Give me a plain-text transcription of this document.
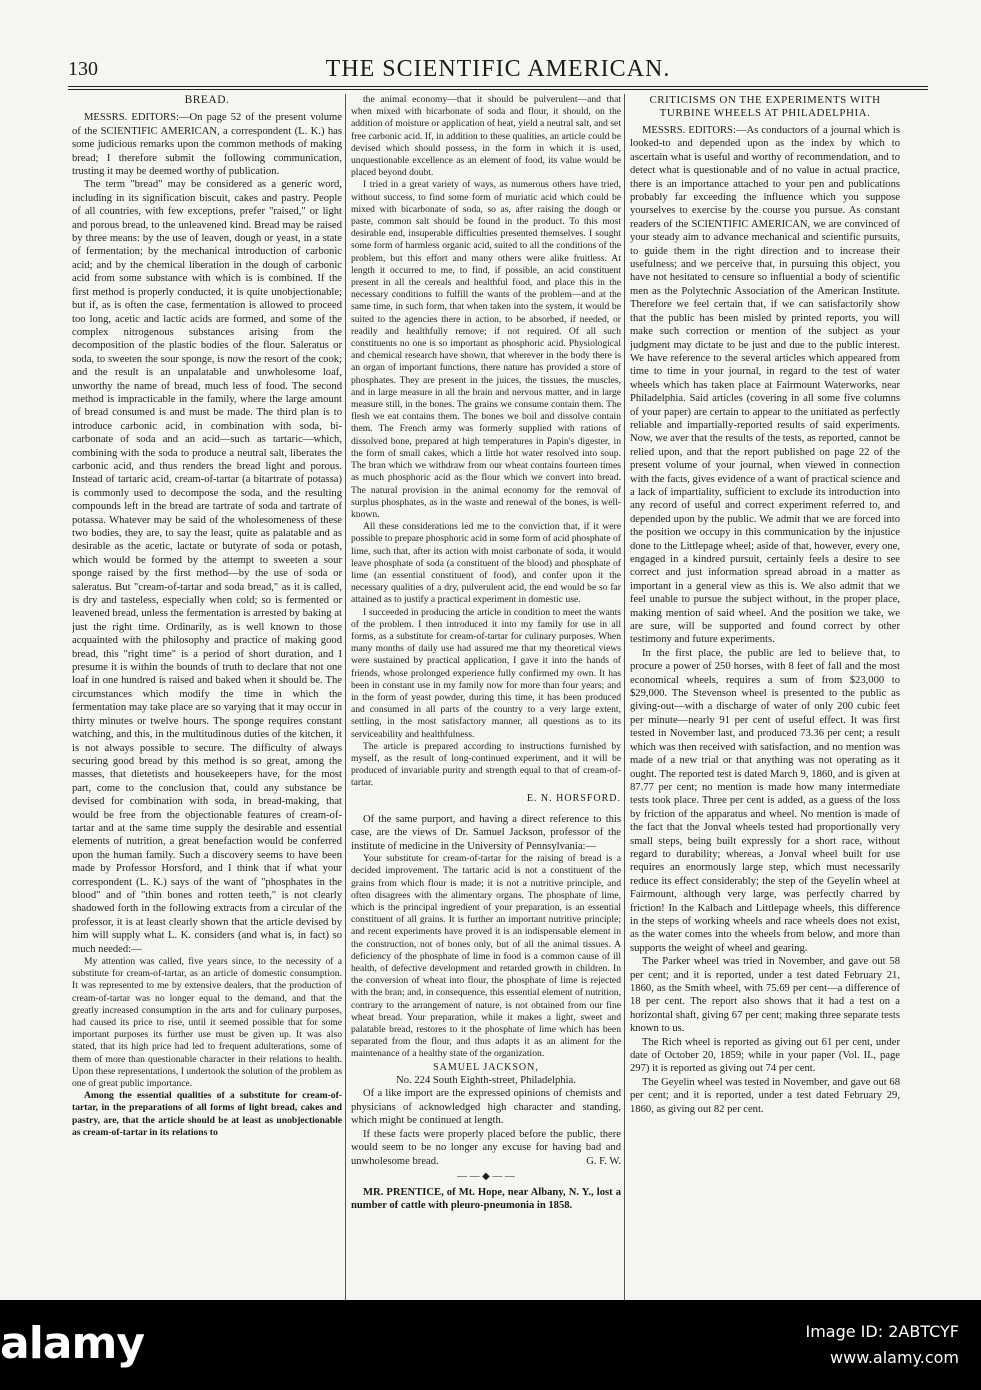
130	THE SCIENTIFIC AMERICAN.
BREAD.

MESSRS. EDITORS:—On page 52 of the present volume of the SCIENTIFIC AMERICAN, a correspondent (L. K.) has some judicious remarks upon the common methods of making bread; I therefore submit the following communication, trusting it may be deemed worthy of publication.

The term "bread" may be considered as a generic word, including in its signification biscuit, cakes and pastry. People of all countries, with few exceptions, prefer "raised," or light and porous bread, to the unleavened kind. Bread may be raised by three means: by the use of leaven, dough or yeast, in a state of fermentation; by the mechanical introduction of carbonic acid; and by the chemical liberation in the dough of carbonic acid from some substance with which is is combined. If the first method is properly conducted, it is quite unobjectionable; but if, as is often the case, fermentation is allowed to proceed too long, acetic and lactic acids are formed, and some of the complex nitrogenous substances arising from the decomposition of the plastic bodies of the flour. Saleratus or soda, to sweeten the sour sponge, is now the resort of the cook; and the result is an unpalatable and unwholesome loaf, unworthy the name of bread, much less of food. The second method is impracticable in the family, where the large amount of bread consumed is and must be made. The third plan is to introduce carbonic acid, in combination with soda, bi-carbonate of soda and an acid—such as tartaric—which, combining with the soda to produce a neutral salt, liberates the carbonic acid, and thus renders the bread light and porous. Instead of tartaric acid, cream-of-tartar (a bitartrate of potassa) is commonly used to decompose the soda, and the resulting compounds left in the bread are tartrate of soda and tartrate of potassa. Whatever may be said of the wholesomeness of these two bodies, they are, to say the least, quite as palatable and as desirable as the acetic, lactate or butyrate of soda or potash, which would be formed by the attempt to sweeten a sour sponge raised by the first method—by the use of soda or saleratus. But "cream-of-tartar and soda bread," as it is called, is dry and tasteless, especially when cold; so is fermented or leavened bread, unless the fermentation is arrested by baking at just the right time. Ordinarily, as is well known to those acquainted with the philosophy and practice of making good bread, this "right time" is a period of short duration, and I presume it is within the bounds of truth to declare that not one loaf in one hundred is raised and baked when it should be. The circumstances which modify the time in which the fermentation may take place are so varying that it may occur in thirty minutes or twelve hours. The sponge requires constant watching, and this, in the multitudinous duties of the kitchen, it is not always possible to secure. The difficulty of always securing good bread by this method is so great, among the masses, that dietetists and housekeepers have, for the most part, come to the conclusion that, could any substance be devised for combination with soda, in bread-making, that would be free from the objectionable features of cream-of-tartar and at the same time supply the desirable and essential elements of nutrition, a great benefaction would be conferred upon the human family. Such a discovery seems to have been made by Professor Horsford, and I think that if what your correspondent (L. K.) says of the want of "phosphates in the blood" and of "thin bones and rotten teeth," is not clearly shadowed forth in the following extracts from a circular of the professor, it is at least clearly shown that the article devised by him will supply what L. K. considers (and what is, in fact) so much needed:—

My attention was called, five years since, to the necessity of a substitute for cream-of-tartar, as an article of domestic consumption. It was represented to me by extensive dealers, that the production of cream-of-tartar was no longer equal to the demand, and that the greatly increased consumption in the arts and for culinary purposes, had caused its price to rise, until it seemed possible that for some important purposes its further use must be given up. It was also stated, that its high price had led to frequent adulterations, some of them of more than questionable character in their relations to health. Upon these representations, I undertook the solution of the problem as one of great public importance.

Among the essential qualities of a substitute for cream-of-tartar, in the preparations of all forms of light bread, cakes and pastry, are, that the article should be at least as unobjectionable as cream-of-tartar in its relations to

the animal economy—that it should be pulverulent—and that when mixed with bicarbonate of soda and flour, it should, on the addition of moisture or application of heat, yield a neutral salt, and set free carbonic acid. If, in addition to these qualities, an article could be devised which should possess, in the form in which it is used, unquestionable excellence as an element of food, its value would be placed beyond doubt.

I tried in a great variety of ways, as numerous others have tried, without success, to find some form of muriatic acid which could be mixed with bicarbonate of soda, so as, after raising the dough or paste, common salt should be found in the product. To this most desirable end, insuperable difficulties presented themselves. I sought some form of harmless organic acid, suited to all the conditions of the problem, but this effort and many others were alike fruitless. At length it occurred to me, to find, if possible, an acid constituent present in all the cereals and healthful food, and place this in the necessary conditions to fulfill the wants of the problem—and at the same time, in such form, that when taken into the system, it would be suited to the agencies there in action, to be absorbed, if needed, or readily and healthfully remove; if not required. Of all such constituents no one is so important as phosphoric acid. Physiological and chemical research have shown, that wherever in the body there is an organ of important functions, there nature has provided a store of phosphates. They are present in the juices, the tissues, the muscles, and in large measure in all the brain and nervous matter, and in large measure still, in the bones. The grains we consume contain them. The flesh we eat contains them. The bones we boil and dissolve contain them. The French army was formerly supplied with rations of dissolved bone, prepared at high temperatures in Papin's digester, in the form of small cakes, which a little hot water resolved into soup. The bran which we withdraw from our wheat contains fourteen times as much phosphoric acid as the flour which we convert into bread. The natural provision in the animal economy for the removal of surplus phosphates, as in the waste and renewal of the bones, is well-known.

All these considerations led me to the conviction that, if it were possible to prepare phosphoric acid in some form of acid phosphate of lime, such that, after its action with moist carbonate of soda, it would leave phosphate of soda (a constituent of the blood) and phosphate of lime (an essential constituent of food), and confer upon it the necessary qualities of a dry, pulverulent acid, the end would be so far attained as to justify a practical experiment in domestic use.

I succeeded in producing the article in condition to meet the wants of the problem. I then introduced it into my family for use in all forms, as a substitute for cream-of-tartar for culinary purposes. When many months of daily use had assured me that my theoretical views were sustained by practical application, I gave it into the hands of friends, whose prolonged experience fully confirmed my own. It has been in constant use in my family now for more than four years; and in the form of yeast powder, during this time, it has been produced and consumed in all parts of the country to a very large extent, settling, in the most satisfactory manner, all questions as to its serviceability and healthfulness.

The article is prepared according to instructions furnished by myself, as the result of long-continued experiment, and it will be produced of invariable purity and strength equal to that of cream-of-tartar.

E. N. HORSFORD.

Of the same purport, and having a direct reference to this case, are the views of Dr. Samuel Jackson, professor of the institute of medicine in the University of Pennsylvania:—

Your substitute for cream-of-tartar for the raising of bread is a decided improvement. The tartaric acid is not a constituent of the grains from which flour is made; it is not a nutritive principle, and often disagrees with the alimentary organs. The phosphate of lime, which is the principal ingredient of your preparation, is an essential constituent of all grains. It is further an important nutritive principle; and recent experiments have proved it is an indispensable element in the construction, not of bones only, but of all the animal tissues. A deficiency of the phosphate of lime in food is a common cause of ill health, of defective development and retarded growth in children. In the conversion of wheat into flour, the phosphate of lime is rejected with the bran; and, in consequence, this essential element of nutrition, contrary to the arrangement of nature, is not obtained from our fine wheat bread. Your preparation, while it makes a light, sweet and palatable bread, restores to it the phosphate of lime which has been separated from the flour, and thus adapts it as an aliment for the maintenance of a healthy state of the organization.

SAMUEL JACKSON,

No. 224 South Eighth-street, Philadelphia.

Of a like import are the expressed opinions of chemists and physicians of acknowledged high character and standing, which might be continued at length.

If these facts were properly placed before the public, there would seem to be no longer any excuse for having bad and unwholesome bread.	G. F. W.

— — ◆ — —

MR. PRENTICE, of Mt. Hope, near Albany, N. Y., lost a number of cattle with pleuro-pneumonia in 1858.

CRITICISMS ON THE EXPERIMENTS WITH TURBINE WHEELS AT PHILADELPHIA.

MESSRS. EDITORS:—As conductors of a journal which is looked-to and depended upon as the index by which to ascertain what is useful and worthy of recommendation, and to detect what is questionable and of no value in actual practice, there is an importance attached to your pen and publications probably far exceeding the influence which you suppose yourselves to exercise by the course you pursue. As constant readers of the SCIENTIFIC AMERICAN, we are convinced of your steady aim to advance mechanical and scientific pursuits, to guide them in the right direction and to increase their usefulness; and we perceive that, in pursuing this object, you have not hesitated to censure so influential a body of scientific men as the Polytechnic Association of the American Institute. Therefore we feel certain that, if we can satisfactorily show that the public has been misled by printed reports, you will make such correction or mention of the subject as your judgment may dictate to be just and due to the public interest. We have reference to the several articles which appeared from time to time in your journal, in regard to the test of water wheels which has taken place at Fairmount Waterworks, near Philadelphia. Said articles (covering in all some five columns of your paper) are certain to appear to the unitiated as perfectly reliable and impartially-reported results of said experiments. Now, we aver that the results of the tests, as reported, cannot be relied upon, and that the report published on page 22 of the present volume of your journal, when viewed in connection with the facts, gives evidence of a want of practical science and a lack of impartiality, sufficient to exclude its introduction into any record of useful and correct experiment referred to, and depended upon by the public. We admit that we are forced into the position we occupy in this communication by the injustice done to the Littlepage wheel; aside of that, however, every one, engaged in a kindred pursuit, certainly feels a desire to see correct and just information spread abroad in a matter as important in a general view as this is. We also admit that we feel unable to pursue the subject without, in the proper place, making mention of said wheel. And the position we take, we are sure, will be supported and found correct by other testimony and future experiments.

In the first place, the public are led to believe that, to procure a power of 250 horses, with 8 feet of fall and the most economical wheels, requires a sum of from $23,000 to $29,000. The Stevenson wheel is presented to the public as giving-out—with a discharge of water of only 200 cubic feet per minute—nearly 91 per cent of useful effect. It was first tested in November last, and produced 73.36 per cent; a result which was then received with satisfaction, and no mention was made of a new trial or that anything was not operating as it ought. The reported test is dated March 9, 1860, and is given at 87.77 per cent; no mention is made how many intermediate tests took place. Three per cent is added, as a guess of the loss by friction of the apparatus and wheel. No mention is made of the fact that the Jonval wheels tested had proportionally very small steps, being built expressly for a short race, without regard to durability; whereas, a Jonval wheel built for use requires an enormously large step, which must necessarily reduce its effect considerably; the step of the Geyelin wheel at Fairmount, although very large, was perfectly charred by friction! In the Kalbach and Littlepage wheels, this difference in the steps of working wheels and race wheels does not exist, as the water comes into the wheels from below, and more than supports the weight of wheel and gearing.

The Parker wheel was tried in November, and gave out 58 per cent; and it is reported, under a test dated February 21, 1860, as the Smith wheel, with 75.69 per cent—a difference of 18 per cent. The report also shows that it had a test on a horizontal shaft, giving 67 per cent; making three separate tests known to us.

The Rich wheel is reported as giving out 61 per cent, under date of October 20, 1859; while in your paper (Vol. II., page 297) it is reported as giving out 74 per cent.

The Geyelin wheel was tested in November, and gave out 68 per cent; and it is reported, under a test dated February 29, 1860, as giving out 82 per cent.

alamy	Image ID: 2ABTCYF
www.alamy.com
